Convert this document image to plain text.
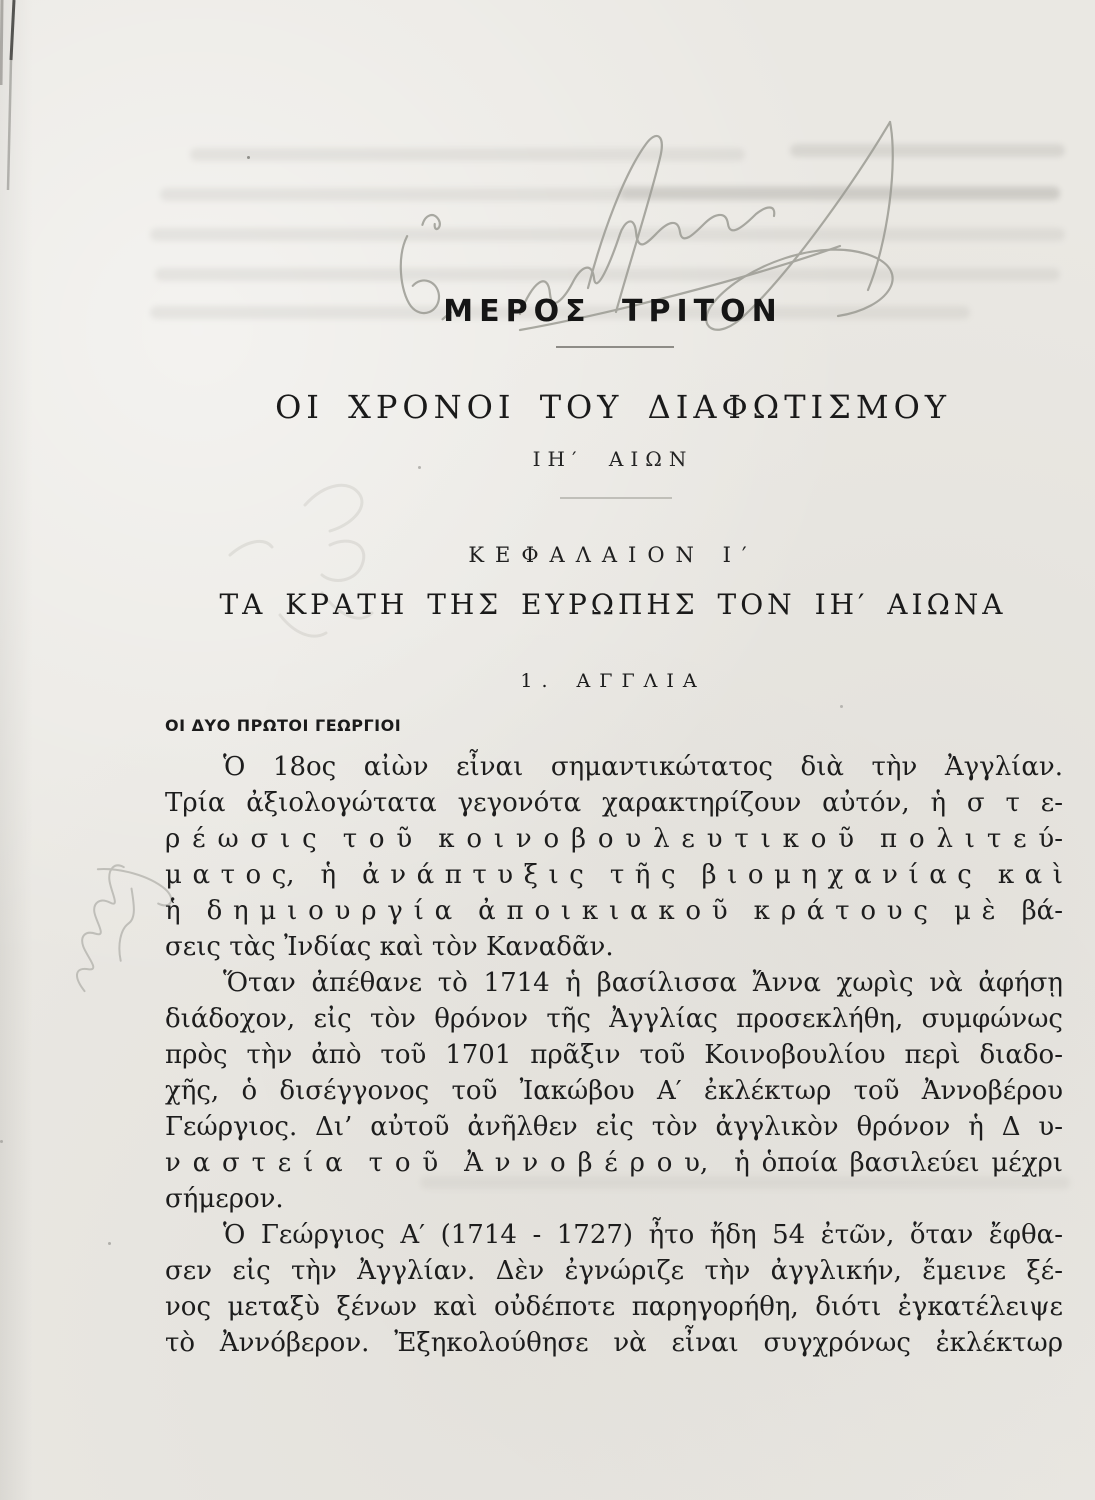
ΜΕΡΟΣ ΤΡΙΤΟΝ
ΟΙ ΧΡΟΝΟΙ ΤΟΥ ΔΙΑΦΩΤΙΣΜΟΥ
ΙΗ′ ΑΙΩΝ
ΚΕΦΑΛΑΙΟΝ Ι′
ΤΑ ΚΡΑΤΗ ΤΗΣ ΕΥΡΩΠΗΣ ΤΟΝ ΙΗ′ ΑΙΩΝΑ
1. ΑΓΓΛΙΑ
ΟΙ ΔΥΟ ΠΡΩΤΟΙ ΓΕΩΡΓΙΟΙ
Ὁ 18ος αἰὼν εἶναι σημαντικώτατος διὰ τὴν Ἀγγλίαν.
Τρία ἀξιολογώτατα γεγονότα χαρακτηρίζουν αὐτόν, ἡ σ τ ε-
ρ έ ω σ ι ς τ ο ῦ κ ο ι ν ο β ο υ λ ε υ τ ι κ ο ῦ π ο λ ι τ ε ύ-
μ α τ ο ς, ἡ ἀ ν ά π τ υ ξ ι ς τ ῆ ς β ι ο μ η χ α ν ί α ς κ α ὶ
ἡ δ η μ ι ο υ ρ γ ί α ἀ π ο ι κ ι α κ ο ῦ κ ρ ά τ ο υ ς μ ὲ βά-
σεις τὰς Ἰνδίας καὶ τὸν Καναδᾶν.
Ὅταν ἀπέθανε τὸ 1714 ἡ βασίλισσα Ἄννα χωρὶς νὰ ἀφήσῃ
διάδοχον, εἰς τὸν θρόνον τῆς Ἀγγλίας προσεκλήθη, συμφώνως
πρὸς τὴν ἀπὸ τοῦ 1701 πρᾶξιν τοῦ Κοινοβουλίου περὶ διαδο-
χῆς, ὁ δισέγγονος τοῦ Ἰακώβου Α′ ἐκλέκτωρ τοῦ Ἀννοβέρου
Γεώργιος. Δι’ αὐτοῦ ἀνῆλθεν εἰς τὸν ἀγγλικὸν θρόνον ἡ Δ υ-
ν α σ τ ε ί α τ ο ῦ Ἀ ν ν ο β έ ρ ο υ, ἡ ὁποία βασιλεύει μέχρι
σήμερον.
Ὁ Γεώργιος Α′ (1714 - 1727) ἦτο ἤδη 54 ἐτῶν, ὅταν ἔφθα-
σεν εἰς τὴν Ἀγγλίαν. Δὲν ἐγνώριζε τὴν ἀγγλικήν, ἔμεινε ξέ-
νος μεταξὺ ξένων καὶ οὐδέποτε παρηγορήθη, διότι ἐγκατέλειψε
τὸ Ἀννόβερον. Ἐξηκολούθησε νὰ εἶναι συγχρόνως ἐκλέκτωρ
